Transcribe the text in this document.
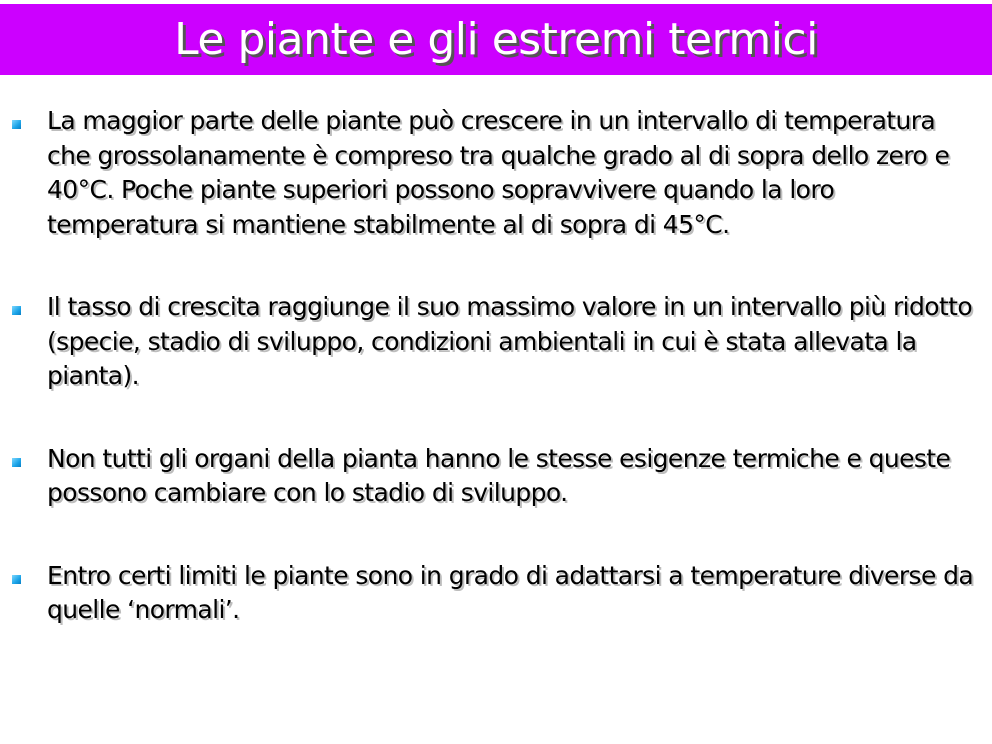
Le piante e gli estremi termici
La maggior parte delle piante può crescere in un intervallo di temperatura che grossolanamente è compreso tra qualche grado al di sopra dello zero e 40°C. Poche piante superiori possono sopravvivere quando la loro temperatura si mantiene stabilmente al di sopra di 45°C.
Il tasso di crescita raggiunge il suo massimo valore in un intervallo più ridotto (specie, stadio di sviluppo, condizioni ambientali in cui è stata allevata la pianta).
Non tutti gli organi della pianta hanno le stesse esigenze termiche e queste possono cambiare con lo stadio di sviluppo.
Entro certi limiti le piante sono in grado di adattarsi a temperature diverse da quelle ‘normali’.
